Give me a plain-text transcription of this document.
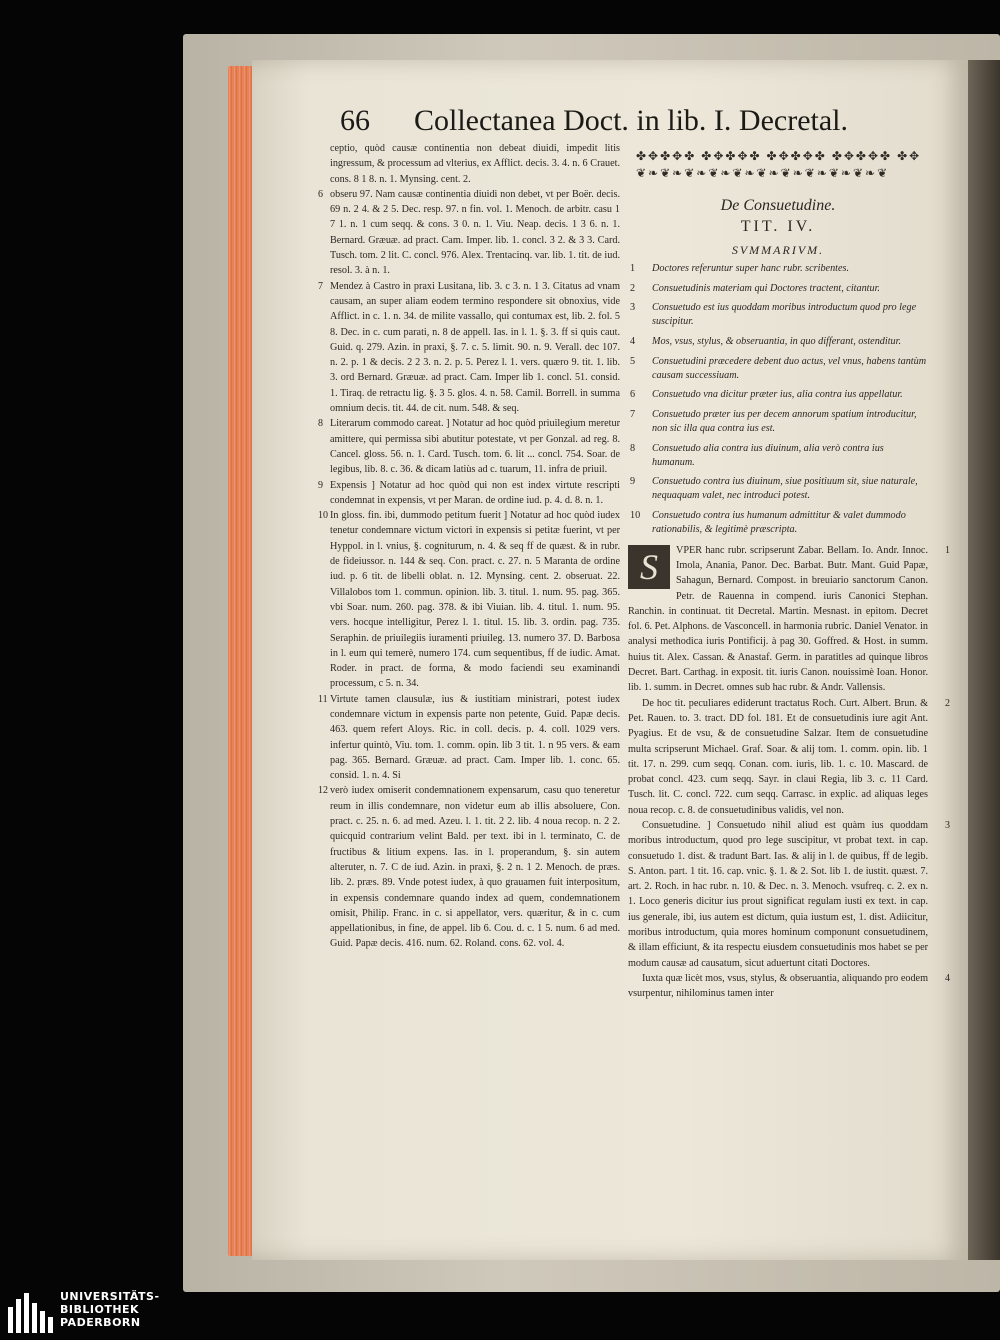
66 Collectanea Doct. in lib. I. Decretal.

ceptio, quòd causæ continentia non debeat diuidi, impedit litis ingressum, & processum ad vlterius, ex Afflict. decis. 3. 4. n. 6 Crauet. cons. 8 1 8. n. 1. Mynsing. cent. 2.

6 obseru 97. Nam causæ continentia diuidi non debet, vt per Boër. decis. 69 n. 2 4. & 2 5. Dec. resp. 97. n fin. vol. 1. Menoch. de arbitr. casu 1 7 1. n. 1 cum seqq. & cons. 3 0. n. 1. Viu. Neap. decis. 1 3 6. n. 1. Bernard. Græuæ. ad pract. Cam. Imper. lib. 1. concl. 3 2. & 3 3. Card. Tusch. tom. 2 lit. C. concl. 976. Alex. Trentacinq. var. lib. 1. tit. de iud. resol. 3. à n. 1.

7 Mendez à Castro in praxi Lusitana, lib. 3. c 3. n. 1 3. Citatus ad vnam causam, an super aliam eodem termino respondere sit obnoxius, vide Afflict. in c. 1. n. 34. de milite vassallo, qui contumax est, lib. 2. fol. 5 8. Dec. in c. cum parati, n. 8 de appell. Ias. in l. 1. §. 3. ff si quis caut. Guid. q. 279. Azin. in praxi, §. 7. c. 5. limit. 90. n. 9. Verall. dec 107. n. 2. p. 1 & decis. 2 2 3. n. 2. p. 5. Perez l. 1. vers. quæro 9. tit. 1. lib. 3. ord Bernard. Græuæ. ad pract. Cam. Imper lib 1. concl. 51. consid. 1. Tiraq. de retractu lig. §. 3 5. glos. 4. n. 58. Camil. Borrell. in summa omnium decis. tit. 44. de cit. num. 548. & seq.

8 Literarum commodo careat. ] Notatur ad hoc quòd priuilegium meretur amittere, qui permissa sibi abutitur potestate, vt per Gonzal. ad reg. 8. Cancel. gloss. 56. n. 1. Card. Tusch. tom. 6. lit ... concl. 754. Soar. de legibus, lib. 8. c. 36. & dicam latiùs ad c. tuarum, 11. infra de priuil.

9 Expensis ] Notatur ad hoc quòd qui non est index virtute rescripti condemnat in expensis, vt per Maran. de ordine iud. p. 4. d. 8. n. 1.

10 In gloss. fin. ibi, dummodo petitum fuerit ] Notatur ad hoc quòd iudex tenetur condemnare victum victori in expensis si petitæ fuerint, vt per Hyppol. in l. vnius, §. cogniturum, n. 4. & seq ff de quæst. & in rubr. de fideiussor. n. 144 & seq. Con. pract. c. 27. n. 5 Maranta de ordine iud. p. 6 tit. de libelli oblat. n. 12. Mynsing. cent. 2. obseruat. 22. Villalobos tom 1. commun. opinion. lib. 3. titul. 1. num. 95. pag. 365. vbi Soar. num. 260. pag. 378. & ibi Viuian. lib. 4. titul. 1. num. 95. vers. hocque intelligitur, Perez l. 1. titul. 15. lib. 3. ordin. pag. 735. Seraphin. de priuilegiis iuramenti priuileg. 13. numero 37. D. Barbosa in l. eum qui temerè, numero 174. cum sequentibus, ff de iudic. Amat. Roder. in pract. de forma, & modo faciendi seu examinandi processum, c 5. n. 34.

11 Virtute tamen clausulæ, ius & iustitiam ministrari, potest iudex condemnare victum in expensis parte non petente, Guid. Papæ decis. 463. quem refert Aloys. Ric. in coll. decis. p. 4. coll. 1029 vers. infertur quintò, Viu. tom. 1. comm. opin. lib 3 tit. 1. n 95 vers. & eam pag. 365. Bernard. Græuæ. ad pract. Cam. Imper lib. 1. conc. 65. consid. 1. n. 4. Si

12 verò iudex omiserit condemnationem expensarum, casu quo teneretur reum in illis condemnare, non videtur eum ab illis absoluere, Con. pract. c. 25. n. 6. ad med. Azeu. l. 1. tit. 2 2. lib. 4 noua recop. n. 2 2. quicquid contrarium velint Bald. per text. ibi in l. terminato, C. de fructibus & litium expens. Ias. in l. properandum, §. sin autem alteruter, n. 7. C de iud. Azin. in praxi, §. 2 n. 1 2. Menoch. de præs. lib. 2. præs. 89. Vnde potest iudex, à quo grauamen fuit interpositum, in expensis condemnare quando index ad quem, condemnationem omisit, Philip. Franc. in c. si appellator, vers. quæritur, & in c. cum appellationibus, in fine, de appel. lib 6. Cou. d. c. 1 5. num. 6 ad med. Guid. Papæ decis. 416. num. 62. Roland. cons. 62. vol. 4.

✤✥✤✥✤ ✤✥✤✥✤ ✤✥✤✥✤ ✤✥✤✥✤ ✤✥
❦❧❦❧❦❧❦❧❦❧❦❧❦❧❦❧❦❧❦❧❦
De Consuetudine.
TIT. IV.
SVMMARIVM.
1 Doctores referuntur super hanc rubr. scribentes.
2 Consuetudinis materiam qui Doctores tractent, citantur.
3 Consuetudo est ius quoddam moribus introductum quod pro lege suscipitur.
4 Mos, vsus, stylus, & obseruantia, in quo differant, ostenditur.
5 Consuetudini præcedere debent duo actus, vel vnus, habens tantùm causam successiuam.
6 Consuetudo vna dicitur præter ius, alia contra ius appellatur.
7 Consuetudo præter ius per decem annorum spatium introducitur, non sic illa qua contra ius est.
8 Consuetudo alia contra ius diuinum, alia verò contra ius humanum.
9 Consuetudo contra ius diuinum, siue positiuum sit, siue naturale, nequaquam valet, nec introduci potest.
10 Consuetudo contra ius humanum admittitur & valet dummodo rationabilis, & legitimè præscripta.

S	1
VPER hanc rubr. scripserunt Zabar. Bellam. Io. Andr. Innoc. Imola, Anania, Panor. Dec. Barbat. Butr. Mant. Guid Papæ, Sahagun, Bernard. Compost. in breuiario sanctorum Canon. Petr. de Rauenna in compend. iuris Canonici Stephan. Ranchin. in continuat. tit Decretal. Martin. Mesnast. in epitom. Decret fol. 6. Pet. Alphons. de Vasconcell. in harmonia rubric. Daniel Venator. in analysi methodica iuris Pontificij. à pag 30. Goffred. & Host. in summ. huius tit. Alex. Cassan. & Anastaf. Germ. in paratitles ad quinque libros Decret. Bart. Carthag. in exposit. tit. iuris Canon. nouissimè Ioan. Honor. lib. 1. summ. in Decret. omnes sub hac rubr. & Andr. Vallensis.

2
De hoc tit. peculiares ediderunt tractatus Roch. Curt. Albert. Brun. & Pet. Rauen. to. 3. tract. DD fol. 181. Et de consuetudinis iure agit Ant. Pyagius. Et de vsu, & de consuetudine Salzar. Item de consuetudine multa scripserunt Michael. Graf. Soar. & alij tom. 1. comm. opin. lib. 1 tit. 17. n. 299. cum seqq. Conan. com. iuris, lib. 1. c. 10. Mascard. de probat concl. 423. cum seqq. Sayr. in claui Regia, lib 3. c. 11 Card. Tusch. lit. C. concl. 722. cum seqq. Carrasc. in explic. ad aliquas leges noua recop. c. 8. de consuetudinibus validis, vel non.

3
Consuetudine. ] Consuetudo nihil aliud est quàm ius quoddam moribus introductum, quod pro lege suscipitur, vt probat text. in cap. consuetudo 1. dist. & tradunt Bart. Ias. & alij in l. de quibus, ff de legib. S. Anton. part. 1 tit. 16. cap. vnic. §. 1. & 2. Sot. lib 1. de iustit. quæst. 7. art. 2. Roch. in hac rubr. n. 10. & Dec. n. 3. Menoch. vsufreq. c. 2. ex n. 1. Loco generis dicitur ius prout significat regulam iusti ex text. in cap. ius generale, ibi, ius autem est dictum, quia iustum est, 1. dist. Adiicitur, moribus introductum, quia mores hominum componunt consuetudinem, & illam efficiunt, & ita respectu eiusdem consuetudinis mos habet se per modum causæ ad causatum, sicut aduertunt citati Doctores.

4
Iuxta quæ licèt mos, vsus, stylus, & obseruantia, aliquando pro eodem vsurpentur, nihilominus tamen inter

UNIVERSITÄTS-
BIBLIOTHEK
PADERBORN
